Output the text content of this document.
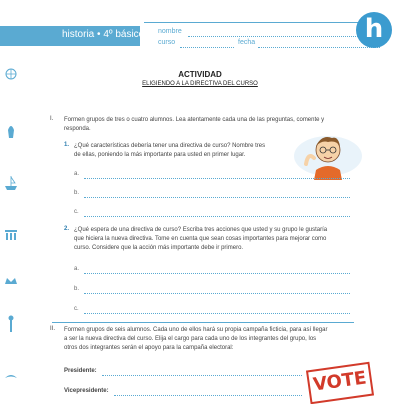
historia • 4º básico nombre
curso	fecha	h
ACTIVIDAD
ELIGIENDO A LA DIRECTIVA DEL CURSO
I. Formen grupos de tres o cuatro alumnos. Lea atentamente cada una de las preguntas, comente y
responda.
1. ¿Qué características debería tener una directiva de curso? Nombre tres
de ellas, poniendo la más importante para usted en primer lugar.
a.
b.
c.
2. ¿Qué espera de una directiva de curso? Escriba tres acciones que usted y su grupo le gustaría
que hiciera la nueva directiva. Tome en cuenta que sean cosas importantes para mejorar como
curso. Considere que la acción más importante debe ir primero.
a.
b.
c.
II. Formen grupos de seis alumnos. Cada uno de ellos hará su propia campaña ficticia, para así llegar
a ser la nueva directiva del curso. Elija el cargo para cada uno de los integrantes del grupo, los
otros dos integrantes serán el apoyo para la campaña electoral:
Presidente:
Vicepresidente:	VOTE
